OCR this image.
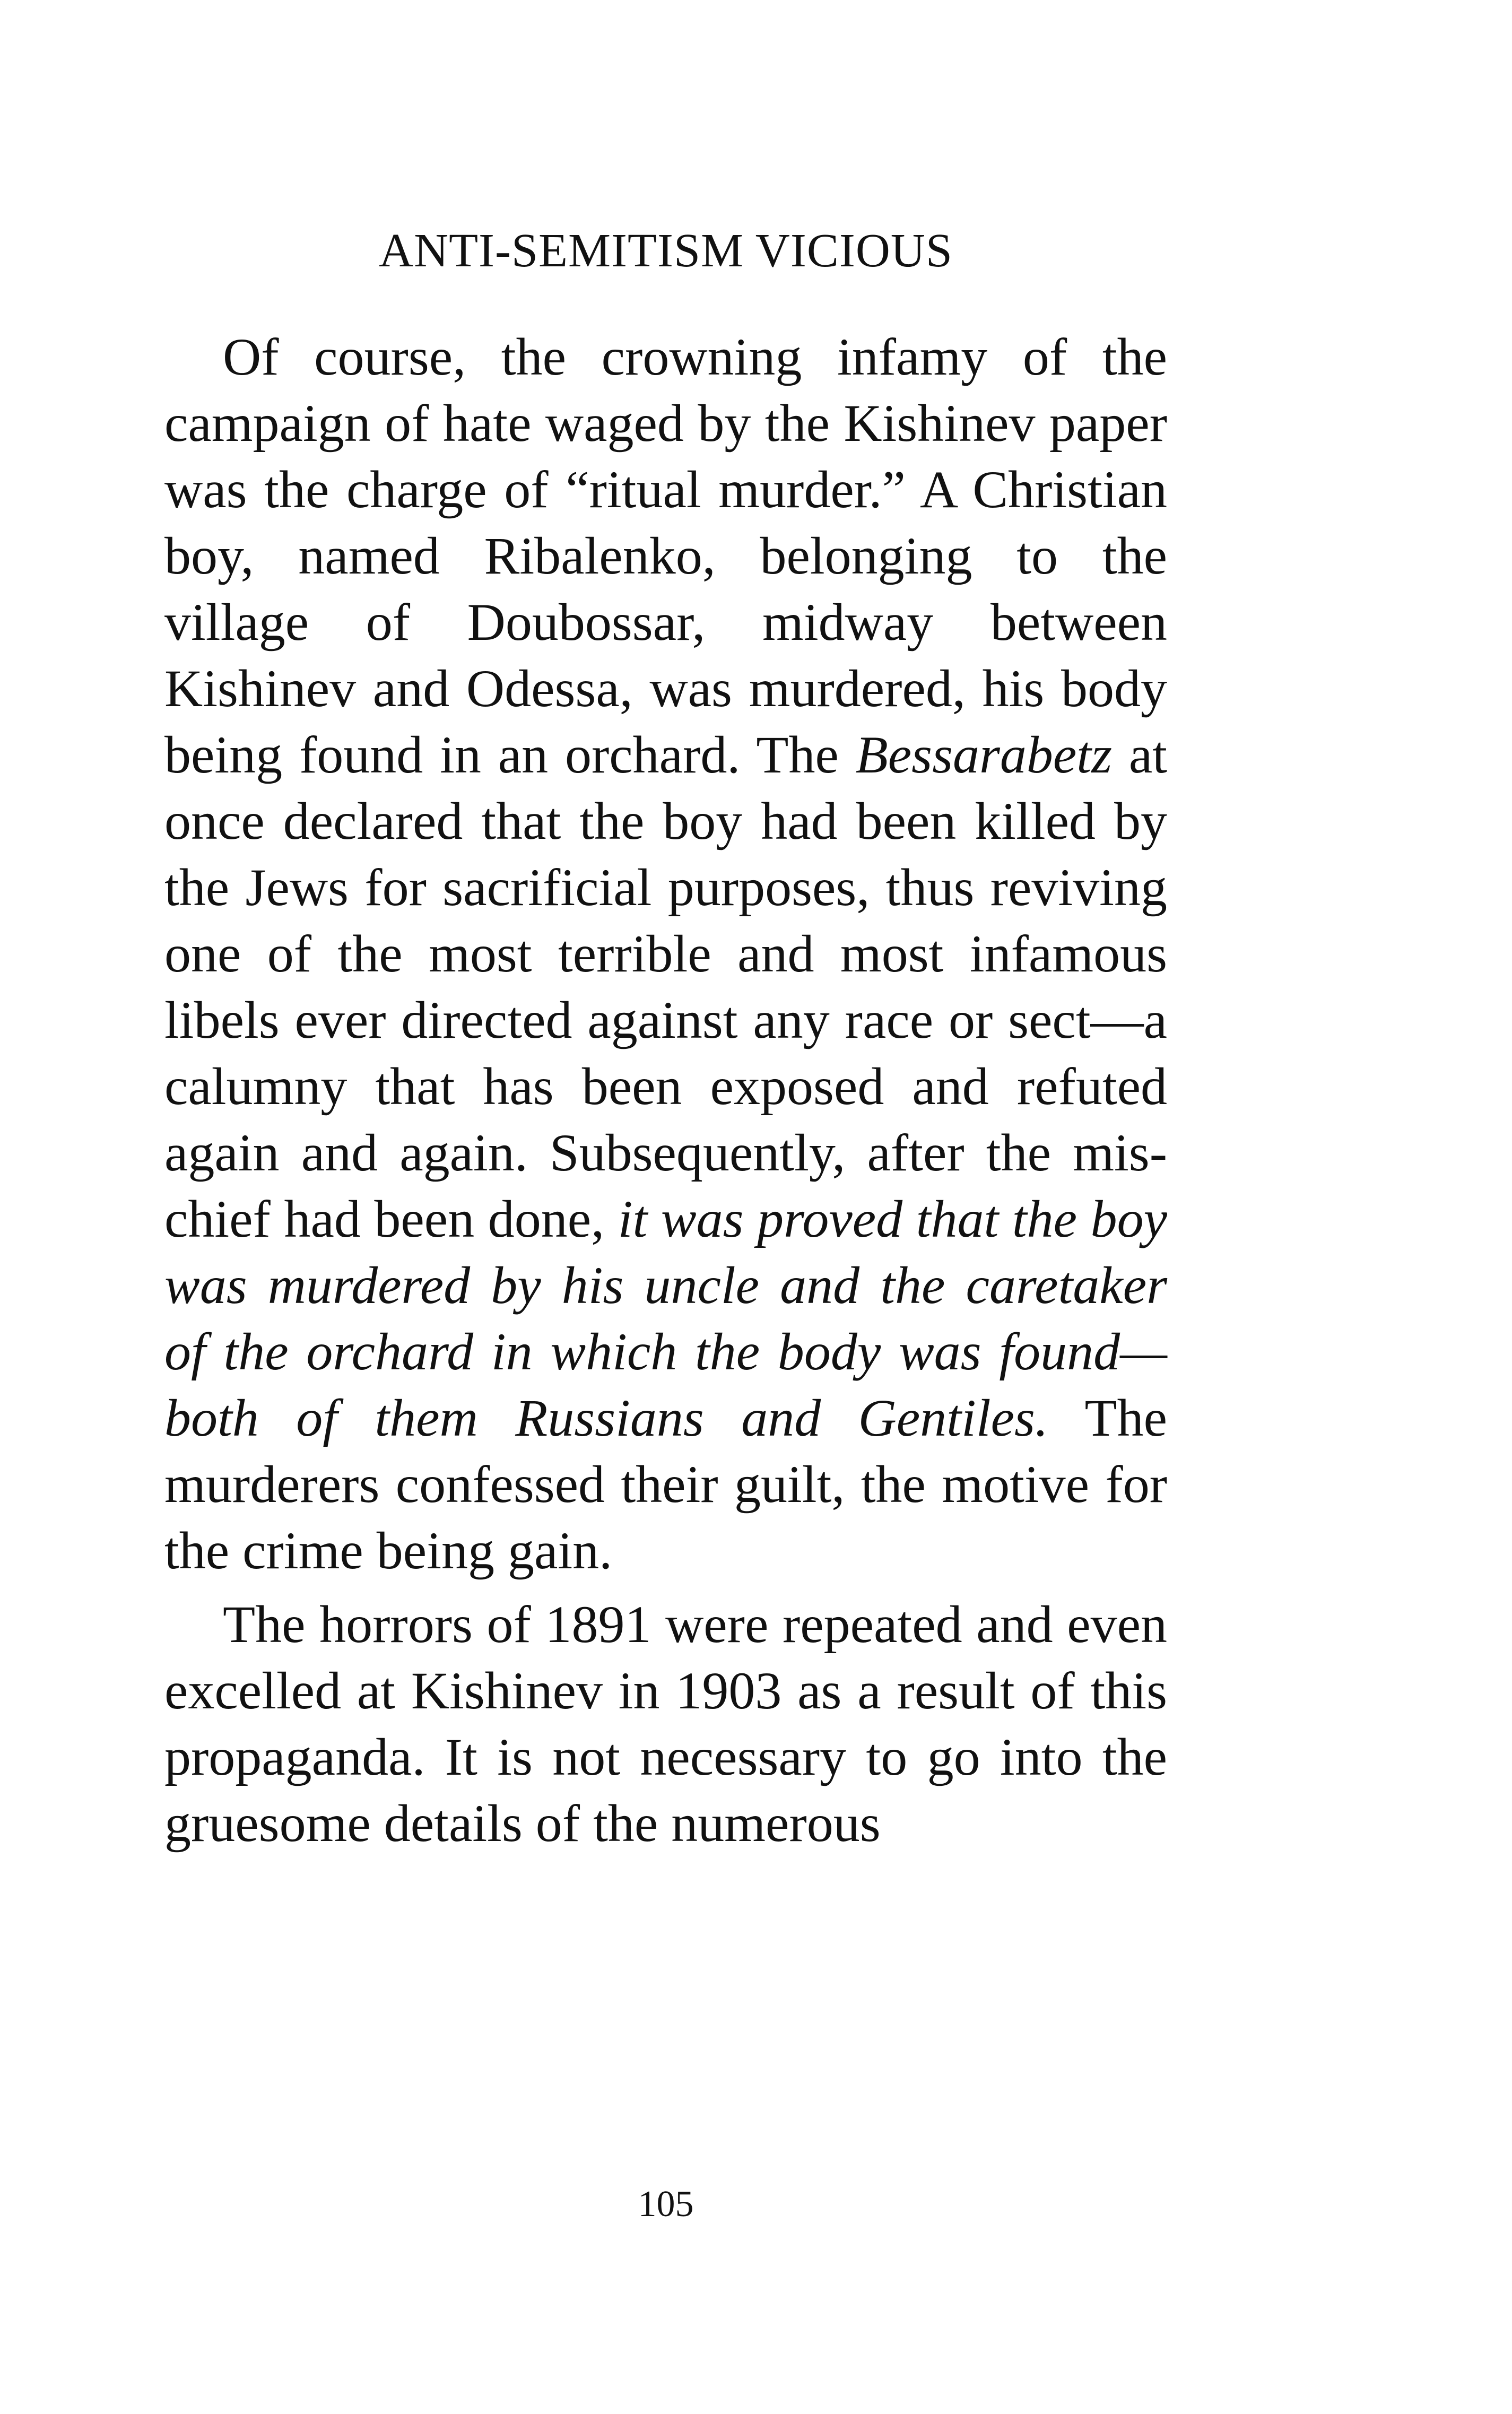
ANTI-SEMITISM VICIOUS

Of course, the crowning infamy of the campaign of hate waged by the Kishinev paper was the charge of “ritual murder.” A Christian boy, named Ribalenko, belonging to the village of Doubossar, midway between Kishinev and Odessa, was murdered, his body being found in an orchard. The Bessarabetz at once declared that the boy had been killed by the Jews for sacrificial purposes, thus reviving one of the most terrible and most infamous libels ever directed against any race or sect—a calumny that has been exposed and refuted again and again. Subsequently, after the mischief had been done, it was proved that the boy was murdered by his uncle and the caretaker of the orchard in which the body was found—both of them Russians and Gentiles. The murderers confessed their guilt, the motive for the crime being gain.

The horrors of 1891 were repeated and even excelled at Kishinev in 1903 as a result of this propaganda. It is not necessary to go into the gruesome details of the numerous

105
